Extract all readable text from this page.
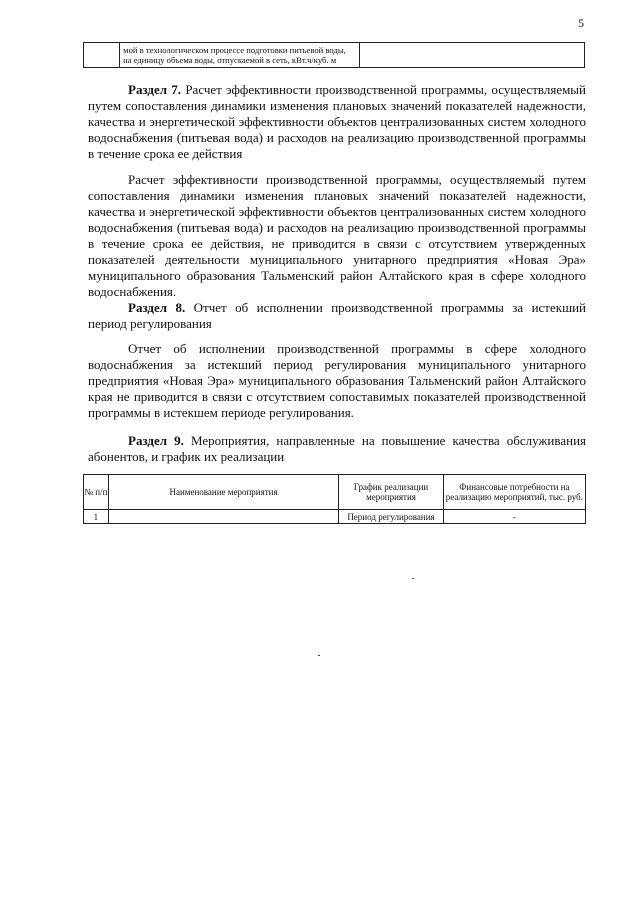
5
	мой в технологическом процессе подготовки питьевой воды, на единицу объема воды, отпускаемой в сеть, кВт.ч/куб. м	
Раздел 7. Расчет эффективности производственной программы, осуществляемый путем сопоставления динамики изменения плановых значений показателей надежности, качества и энергетической эффективности объектов централизованных систем холодного водоснабжения (питьевая вода) и расходов на реализацию производственной программы в течение срока ее действия
Расчет эффективности производственной программы, осуществляемый путем сопоставления динамики изменения плановых значений показателей надежности, качества и энергетической эффективности объектов централизованных систем холодного водоснабжения (питьевая вода) и расходов на реализацию производственной программы в течение срока ее действия, не приводится в связи с отсутствием утвержденных показателей деятельности муниципального унитарного предприятия «Новая Эра» муниципального образования Тальменский район Алтайского края в сфере холодного водоснабжения.
Раздел 8. Отчет об исполнении производственной программы за истекший период регулирования
Отчет об исполнении производственной программы в сфере холодного водоснабжения за истекший период регулирования муниципального унитарного предприятия «Новая Эра» муниципального образования Тальменский район Алтайского края не приводится в связи с отсутствием сопоставимых показателей производственной программы в истекшем периоде регулирования.
Раздел 9. Мероприятия, направленные на повышение качества обслуживания абонентов, и график их реализации
№ п/п	Наименование мероприятия	График реализации мероприятия	Финансовые потребности на реализацию мероприятий, тыс. руб.
1		Период регулирования	-
